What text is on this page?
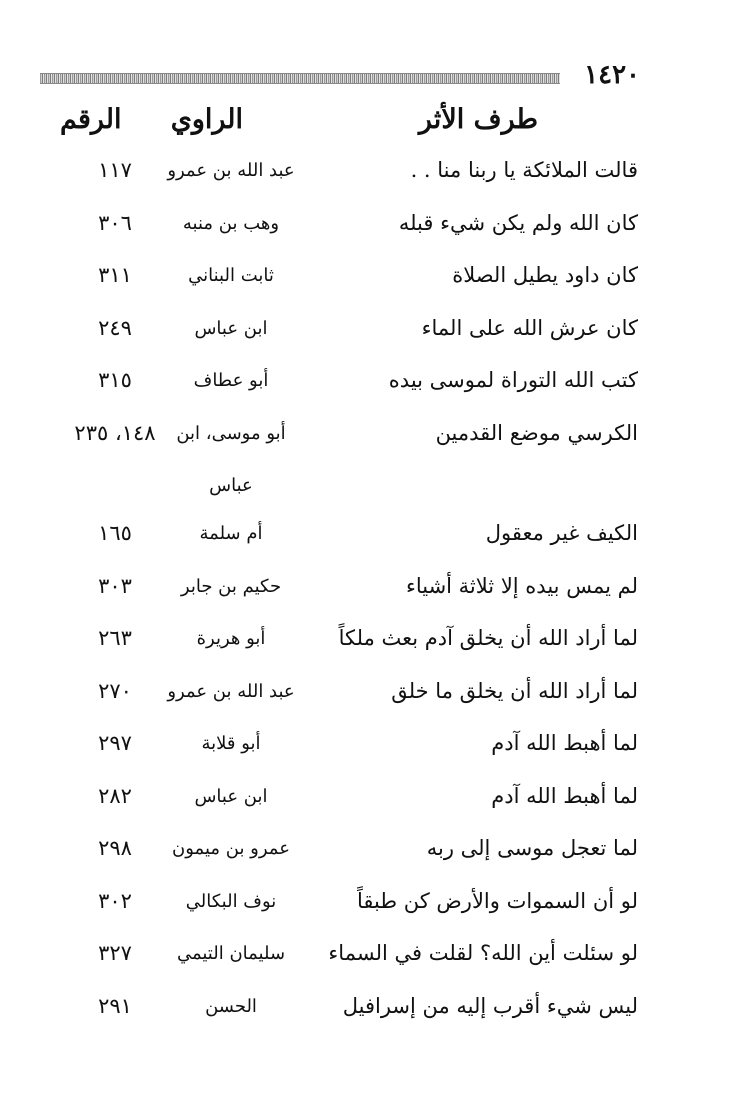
١٤٢٠
طرف الأثر
الراوي
الرقم
قالت الملائكة يا ربنا منا . .
عبد الله بن عمرو
١١٧
كان الله ولم يكن شيء قبله
وهب بن منبه
٣٠٦
كان داود يطيل الصلاة
ثابت البناني
٣١١
كان عرش الله على الماء
ابن عباس
٢٤٩
كتب الله التوراة لموسى بيده
أبو عطاف
٣١٥
الكرسي موضع القدمين
أبو موسى، ابن
١٤٨، ٢٣٥
عباس
الكيف غير معقول
أم سلمة
١٦٥
لم يمس بيده إلا ثلاثة أشياء
حكيم بن جابر
٣٠٣
لما أراد الله أن يخلق آدم بعث ملكاً
أبو هريرة
٢٦٣
لما أراد الله أن يخلق ما خلق
عبد الله بن عمرو
٢٧٠
لما أهبط الله آدم
أبو قلابة
٢٩٧
لما أهبط الله آدم
ابن عباس
٢٨٢
لما تعجل موسى إلى ربه
عمرو بن ميمون
٢٩٨
لو أن السموات والأرض كن طبقاً
نوف البكالي
٣٠٢
لو سئلت أين الله؟ لقلت في السماء
سليمان التيمي
٣٢٧
ليس شيء أقرب إليه من إسرافيل
الحسن
٢٩١
